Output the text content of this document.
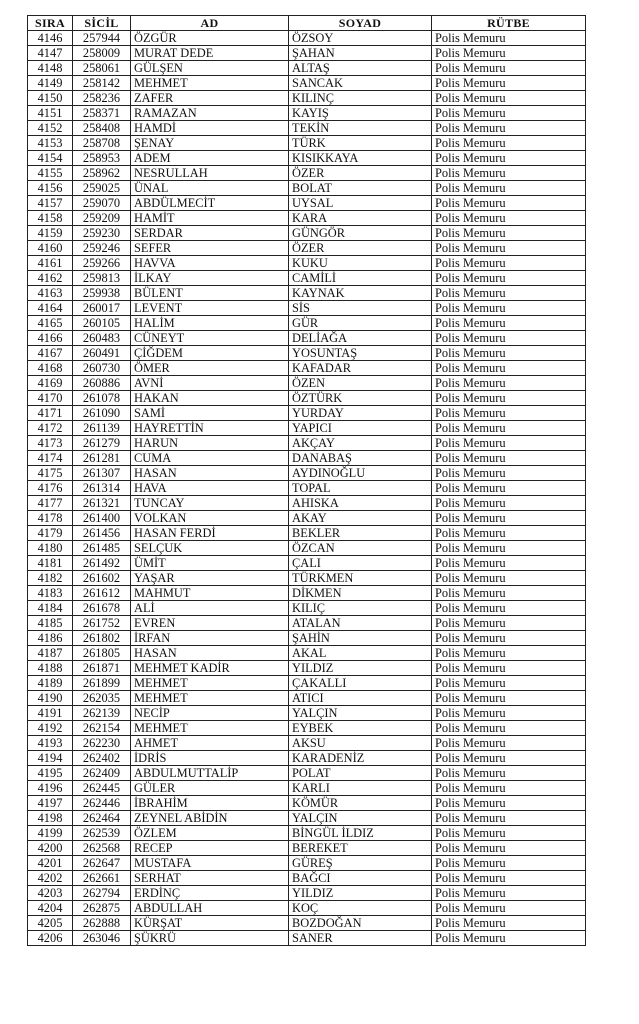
SIRA	SİCİL	AD	SOYAD	RÜTBE
4146	257944	ÖZGÜR	ÖZSOY	Polis Memuru
4147	258009	MURAT DEDE	ŞAHAN	Polis Memuru
4148	258061	GÜLŞEN	ALTAŞ	Polis Memuru
4149	258142	MEHMET	SANCAK	Polis Memuru
4150	258236	ZAFER	KILINÇ	Polis Memuru
4151	258371	RAMAZAN	KAYIŞ	Polis Memuru
4152	258408	HAMDİ	TEKİN	Polis Memuru
4153	258708	ŞENAY	TÜRK	Polis Memuru
4154	258953	ADEM	KISIKKAYA	Polis Memuru
4155	258962	NESRULLAH	ÖZER	Polis Memuru
4156	259025	ÜNAL	BOLAT	Polis Memuru
4157	259070	ABDÜLMECİT	UYSAL	Polis Memuru
4158	259209	HAMİT	KARA	Polis Memuru
4159	259230	SERDAR	GÜNGÖR	Polis Memuru
4160	259246	SEFER	ÖZER	Polis Memuru
4161	259266	HAVVA	KUKU	Polis Memuru
4162	259813	İLKAY	CAMİLİ	Polis Memuru
4163	259938	BÜLENT	KAYNAK	Polis Memuru
4164	260017	LEVENT	SİS	Polis Memuru
4165	260105	HALİM	GÜR	Polis Memuru
4166	260483	CÜNEYT	DELİAĞA	Polis Memuru
4167	260491	ÇİĞDEM	YOSUNTAŞ	Polis Memuru
4168	260730	ÖMER	KAFADAR	Polis Memuru
4169	260886	AVNİ	ÖZEN	Polis Memuru
4170	261078	HAKAN	ÖZTÜRK	Polis Memuru
4171	261090	SAMİ	YURDAY	Polis Memuru
4172	261139	HAYRETTİN	YAPICI	Polis Memuru
4173	261279	HARUN	AKÇAY	Polis Memuru
4174	261281	CUMA	DANABAŞ	Polis Memuru
4175	261307	HASAN	AYDINOĞLU	Polis Memuru
4176	261314	HAVA	TOPAL	Polis Memuru
4177	261321	TUNCAY	AHISKA	Polis Memuru
4178	261400	VOLKAN	AKAY	Polis Memuru
4179	261456	HASAN FERDİ	BEKLER	Polis Memuru
4180	261485	SELÇUK	ÖZCAN	Polis Memuru
4181	261492	ÜMİT	ÇALI	Polis Memuru
4182	261602	YAŞAR	TÜRKMEN	Polis Memuru
4183	261612	MAHMUT	DİKMEN	Polis Memuru
4184	261678	ALİ	KILIÇ	Polis Memuru
4185	261752	EVREN	ATALAN	Polis Memuru
4186	261802	İRFAN	ŞAHİN	Polis Memuru
4187	261805	HASAN	AKAL	Polis Memuru
4188	261871	MEHMET KADİR	YILDIZ	Polis Memuru
4189	261899	MEHMET	ÇAKALLI	Polis Memuru
4190	262035	MEHMET	ATICI	Polis Memuru
4191	262139	NECİP	YALÇIN	Polis Memuru
4192	262154	MEHMET	EYBEK	Polis Memuru
4193	262230	AHMET	AKSU	Polis Memuru
4194	262402	İDRİS	KARADENİZ	Polis Memuru
4195	262409	ABDULMUTTALİP	POLAT	Polis Memuru
4196	262445	GÜLER	KARLI	Polis Memuru
4197	262446	İBRAHİM	KÖMÜR	Polis Memuru
4198	262464	ZEYNEL ABİDİN	YALÇIN	Polis Memuru
4199	262539	ÖZLEM	BİNGÜL İLDIZ	Polis Memuru
4200	262568	RECEP	BEREKET	Polis Memuru
4201	262647	MUSTAFA	GÜREŞ	Polis Memuru
4202	262661	SERHAT	BAĞCI	Polis Memuru
4203	262794	ERDİNÇ	YILDIZ	Polis Memuru
4204	262875	ABDULLAH	KOÇ	Polis Memuru
4205	262888	KÜRŞAT	BOZDOĞAN	Polis Memuru
4206	263046	ŞÜKRÜ	SANER	Polis Memuru
